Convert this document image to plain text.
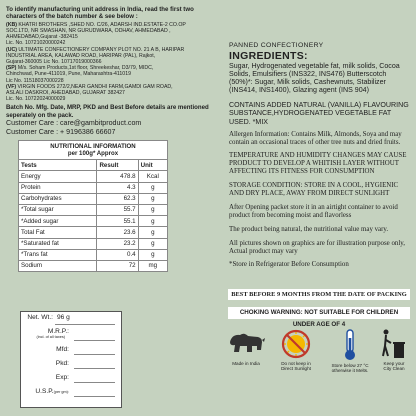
To identify manufacturing unit address in India, read the first two characters of the batch number & see below :
(KB) KHATRI BROTHERS ,SHED NO. C/26, ADARSH IND.ESTATE-2 CO.OP
SOC.LTD, NR SMASHAN, NR GURUDWARA, ODHAV, AHMEDABAD ,
AHMEDABAD,Gujarat -382415
Lic. No. 10721020000242
(UC) ULTIMATE CONFECTIONERY COMPANY PLOT NO. 21 A B, HARIPAR
INDUSTRIAL AREA, KALAWAD ROAD, HARIPAR (PAL), Rajkot,
Gujarat-360005 Lic No. 10717019000366
(SP) M/s. Soham Products,1st floor, Shreekeshar, D3/79, MIDC,
Chinchwad, Pune-411019, Pune, Maharashtra-411019
Lic No. 11518037000228
(VF) VIRGIN FOODS 272/2,NEAR GANDHI FARM,GAMDI GAM ROAD,
ASLALI DASKROI, AHEDABAD, GUJARAT 382427
Lic. No. 10722024000029
Batch No. Mfg. Date, MRP, PKD and Best Before details are mentioned seperately on the pack.
Customer Care : care@gambitproduct.com
Customer Care : + 9196386 66607
NUTRITIONAL INFORMATION
per 100g* Approx		

Tests	Result	Unit
Energy	478.8	Kcal
Protein	4.3	g
Carbohydrates	62.3	g
*Total sugar	55.7	g
*Added sugar	55.1	g
Total Fat	23.6	g
*Saturated fat	23.2	g
*Trans fat	0.4	g
Sodium	72	mg
Net. Wt.: 96 g
M.R.P.:
(incl. of all taxes)
Mfd:
Pkd:
Exp:
U.S.P.(per gm):
PANNED CONFECTIONERY
INGREDIENTS:
Sugar, Hydrogenated vegetable fat, milk solids, Cocoa Solids, Emulsifiers (INS322, INS476) Butterscotch (50%)*: Sugar, Milk solids, Cashewnuts, Stabilizer (INS414, INS1400), Glazing agent (INS 904)
CONTAINS ADDED NATURAL (VANILLA) FLAVOURING SUBSTANCE,HYDROGENATED VEGETABLE FAT USED. *MIX
Allergen Information: Contains Milk, Almonds, Soya and may contain an occasional traces of other tree nuts and dried fruits.
TEMPERATURE AND HUMIDITY CHANGES MAY CAUSE PRODUCT TO DEVELOP A WHITISH LAYER WITHOUT AFFECTING ITS FITNESS FOR CONSUMPTION
STORAGE CONDITION: STORE IN A COOL, HYGIENIC AND DRY PLACE, AWAY FROM DIRECT SUNLIGHT
After Opening packet store it in an airtight container to avoid product from becoming moist and flavorless
The product being natural, the nutritional value may vary.
All pictures shown on graphics are for illustration purpose only, Actual product may vary
*Store in Refrigerator Before Consumption
BEST BEFORE 9 MONTHS FROM THE DATE OF PACKING
CHOKING WARNING: NOT SUITABLE FOR CHILDREN UNDER AGE OF 4
Made in India	Do not keep in
Direct Sunlight
Store below 27 °C
otherwise it Melts.
Keep your
City Clean
